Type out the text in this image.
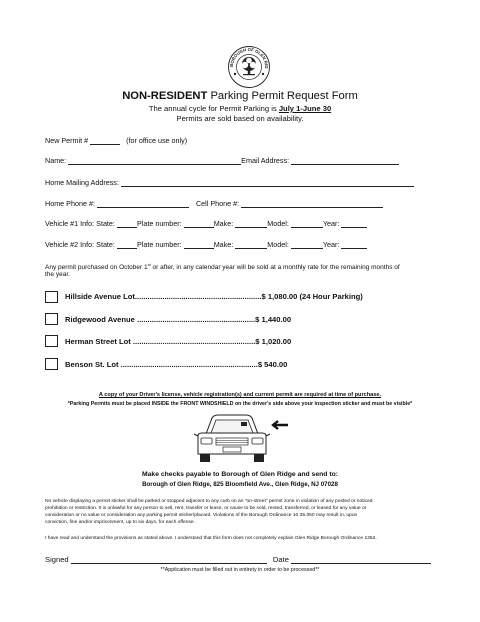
BOROUGH OF GLEN RID
NON-RESIDENT Parking Permit Request Form
The annual cycle for Permit Parking is July 1-June 30
Permits are sold based on availability.
New Permit #	(for office use only)
Name:	Email Address:
Home Mailing Address:
Home Phone #:	Cell Phone #:
Vehicle #1 Info: State:	Plate number:	Make:	Model:	Year:
Vehicle #2 Info: State:	Plate number:	Make:	Model:	Year:
Any permit purchased on October 1st or after, in any calendar year will be sold at a monthly rate for the remaining months of
the year.
Hillside Avenue Lot............................................................$ 1,080.00 (24 Hour Parking)
Ridgewood Avenue ........................................................$ 1,440.00
Herman Street Lot ..........................................................$ 1,020.00
Benson St. Lot .................................................................$ 540.00
A copy of your Driver's license, vehicle registration(s) and current permit are required at time of purchase.
*Parking Permits must be placed INSIDE the FRONT WINDSHIELD on the driver's side above your inspection sticker and must be visible*
Make checks payable to Borough of Glen Ridge and send to:
Borough of Glen Ridge, 825 Bloomfield Ave., Glen Ridge, NJ 07028
No vehicle displaying a permit sticker shall be parked or stopped adjacent to any curb on an "on-street" permit zone in violation of any posted or noticed
prohibition or restriction. It is unlawful for any person to sell, rent, transfer or lease, or cause to be sold, rented, transferred, or leased for any value or
consideration or no value or consideration any parking permit sticker/placard. Violations of the Borough Ordinance 10.35.050 may result in, upon
conviction, fine and/or imprisonment, up to six days, for each offense.
I have read and understand the provisions as stated above. I understand that this form does not completely explain Glen Ridge Borough Ordinance 1352.
Signed	Date
**Application must be filled out in entirety in order to be processed**
